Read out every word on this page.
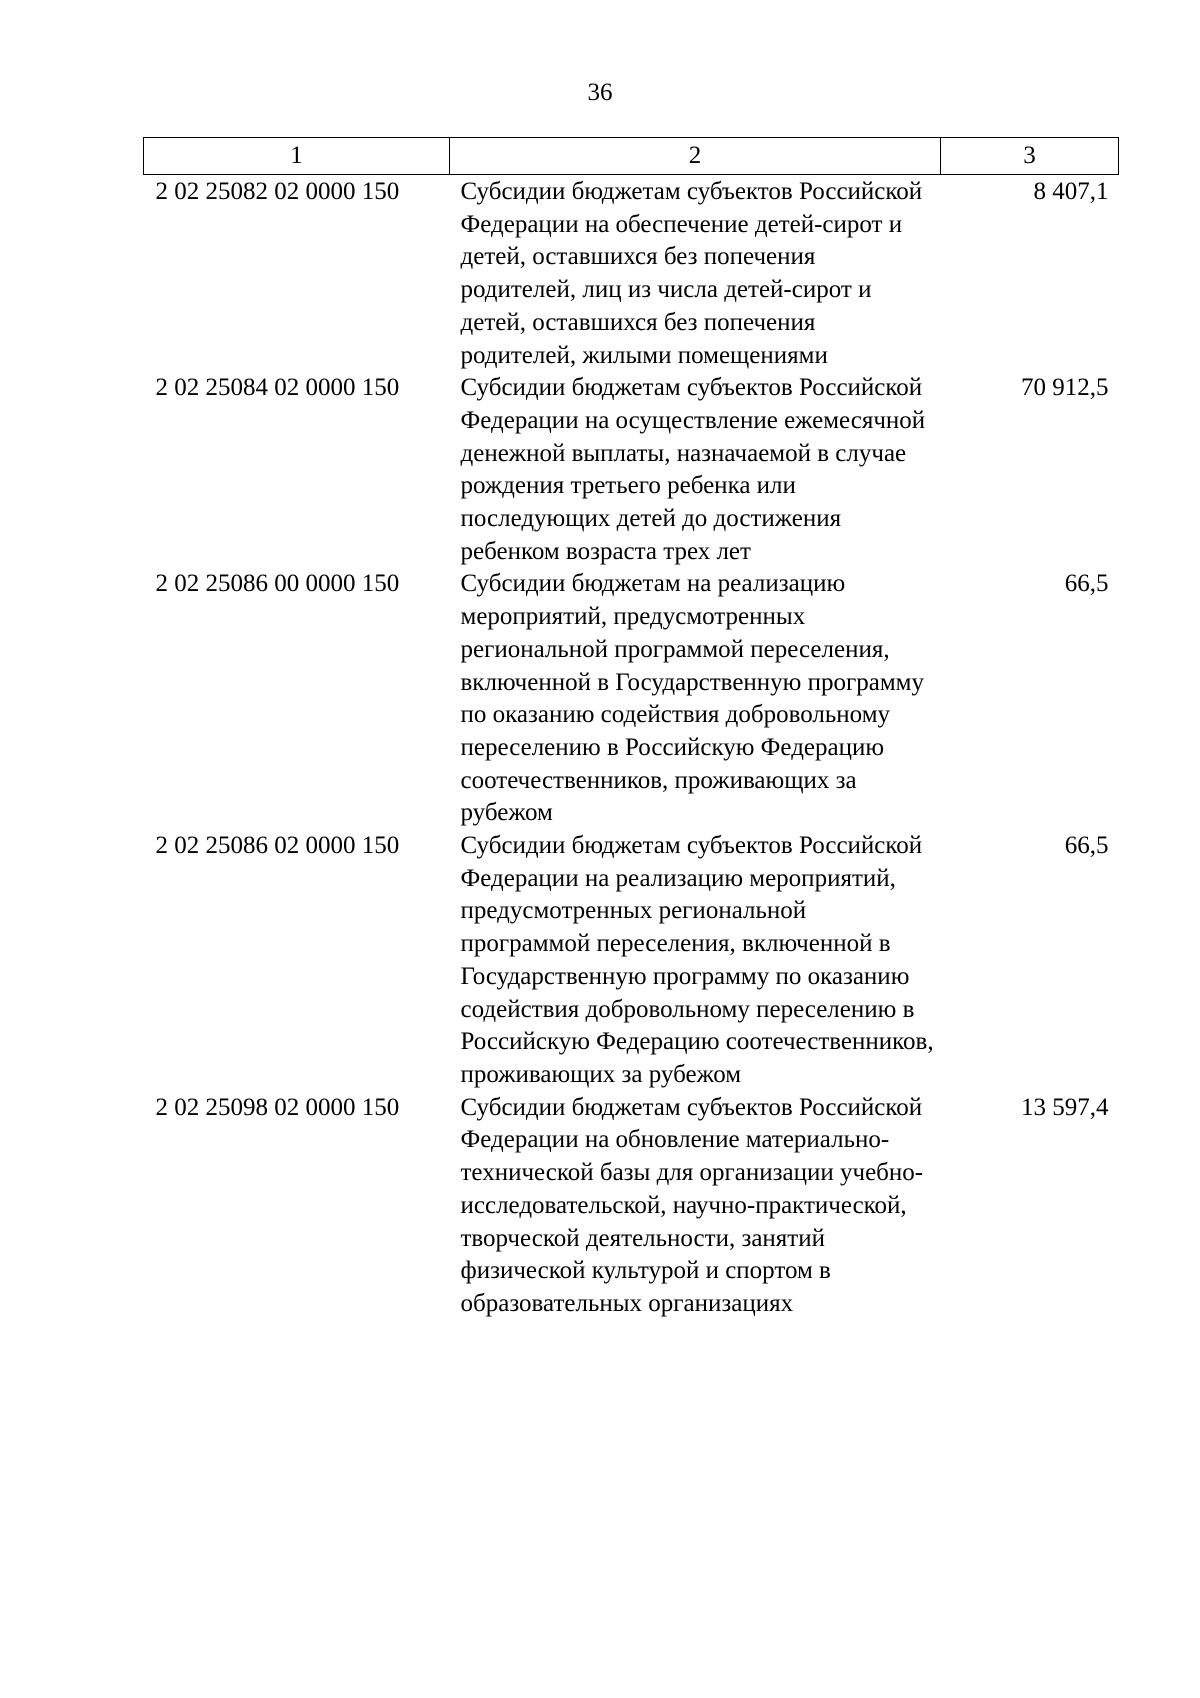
36
1	2	3
2 02 25082 02 0000 150	Субсидии бюджетам субъектов Российской Федерации на обеспечение детей-сирот и детей, оставшихся без попечения родителей, лиц из числа детей-сирот и детей, оставшихся без попечения родителей, жилыми помещениями	8 407,1
2 02 25084 02 0000 150	Субсидии бюджетам субъектов Российской Федерации на осуществление ежемесячной денежной выплаты, назначаемой в случае рождения третьего ребенка или последующих детей до достижения ребенком возраста трех лет	70 912,5
2 02 25086 00 0000 150	Субсидии бюджетам на реализацию мероприятий, предусмотренных региональной программой переселения, включенной в Государственную программу по оказанию содействия добровольному переселению в Российскую Федерацию соотечественников, проживающих за рубежом	66,5
2 02 25086 02 0000 150	Субсидии бюджетам субъектов Российской Федерации на реализацию мероприятий, предусмотренных региональной программой переселения, включенной в Государственную программу по оказанию содействия добровольному переселению в Российскую Федерацию соотечественников, проживающих за рубежом	66,5
2 02 25098 02 0000 150	Субсидии бюджетам субъектов Российской Федерации на обновление материально-технической базы для организации учебно-исследовательской, научно-практической, творческой деятельности, занятий физической культурой и спортом в образовательных организациях	13 597,4
